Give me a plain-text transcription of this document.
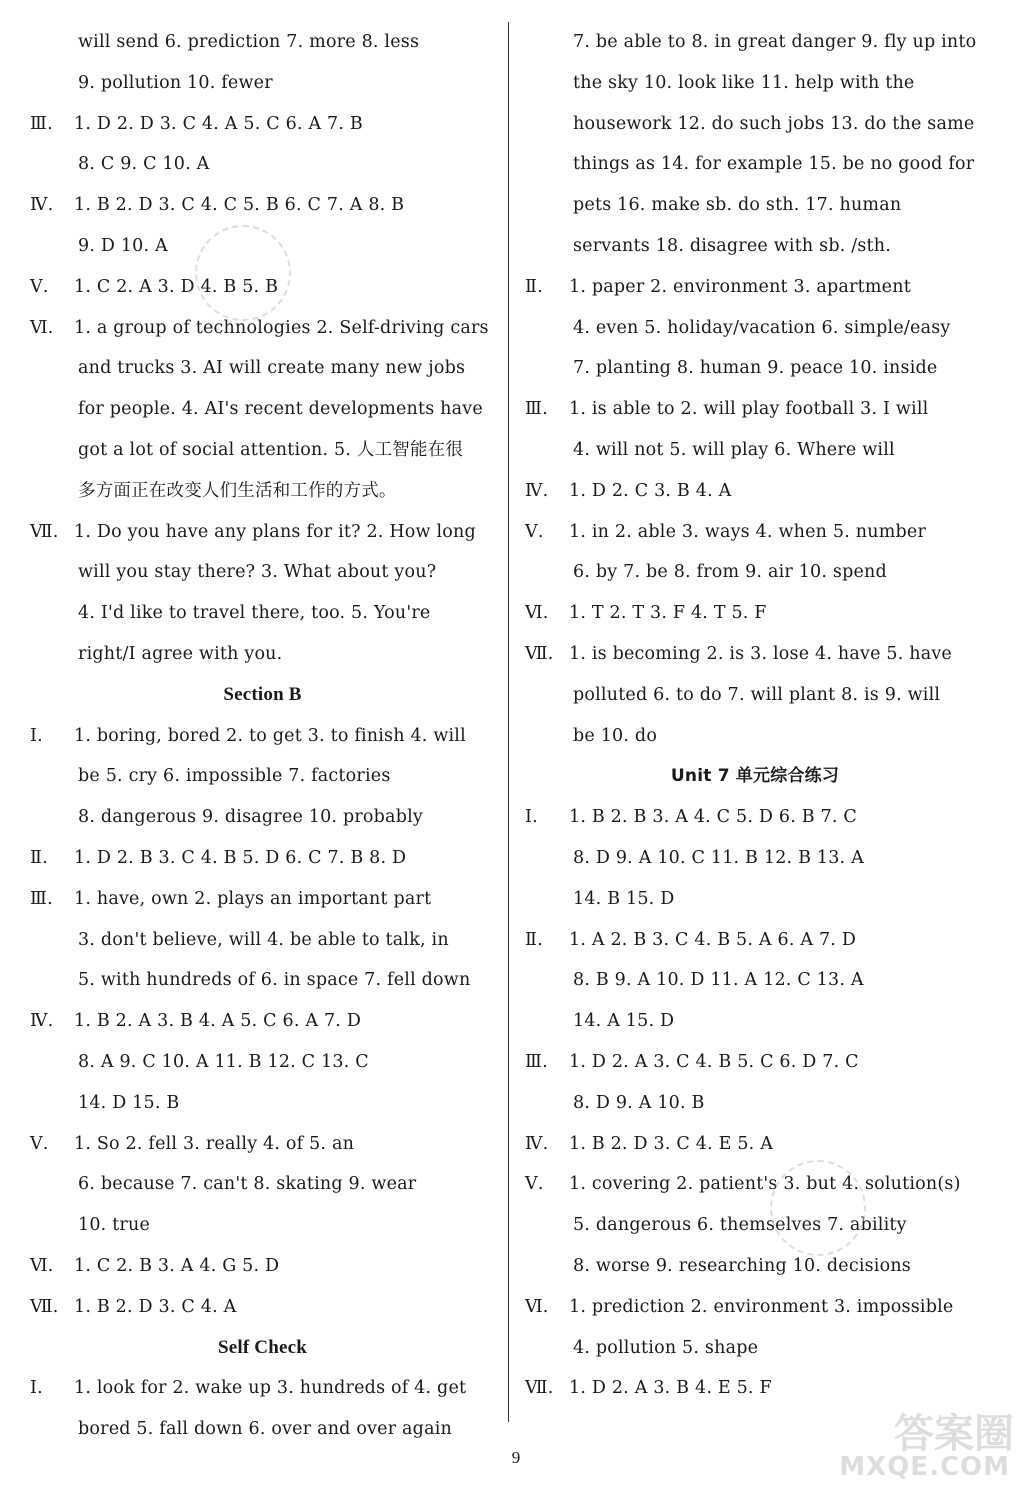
will send 6. prediction 7. more 8. less
9. pollution 10. fewer
Ⅲ. 1. D 2. D 3. C 4. A 5. C 6. A 7. B
8. C 9. C 10. A
Ⅳ. 1. B 2. D 3. C 4. C 5. B 6. C 7. A 8. B
9. D 10. A
Ⅴ. 1. C 2. A 3. D 4. B 5. B
Ⅵ. 1. a group of technologies 2. Self-driving cars
and trucks 3. AI will create many new jobs
for people. 4. AI's recent developments have
got a lot of social attention. 5. 人工智能在很
多方面正在改变人们生活和工作的方式。
Ⅶ. 1. Do you have any plans for it? 2. How long
will you stay there? 3. What about you?
4. I'd like to travel there, too. 5. You're
right/I agree with you.
Section B
Ⅰ. 1. boring, bored 2. to get 3. to finish 4. will
be 5. cry 6. impossible 7. factories
8. dangerous 9. disagree 10. probably
Ⅱ. 1. D 2. B 3. C 4. B 5. D 6. C 7. B 8. D
Ⅲ. 1. have, own 2. plays an important part
3. don't believe, will 4. be able to talk, in
5. with hundreds of 6. in space 7. fell down
Ⅳ. 1. B 2. A 3. B 4. A 5. C 6. A 7. D
8. A 9. C 10. A 11. B 12. C 13. C
14. D 15. B
Ⅴ. 1. So 2. fell 3. really 4. of 5. an
6. because 7. can't 8. skating 9. wear
10. true
Ⅵ. 1. C 2. B 3. A 4. G 5. D
Ⅶ. 1. B 2. D 3. C 4. A
Self Check
Ⅰ. 1. look for 2. wake up 3. hundreds of 4. get
bored 5. fall down 6. over and over again
7. be able to 8. in great danger 9. fly up into
the sky 10. look like 11. help with the
housework 12. do such jobs 13. do the same
things as 14. for example 15. be no good for
pets 16. make sb. do sth. 17. human
servants 18. disagree with sb. /sth.
Ⅱ. 1. paper 2. environment 3. apartment
4. even 5. holiday/vacation 6. simple/easy
7. planting 8. human 9. peace 10. inside
Ⅲ. 1. is able to 2. will play football 3. I will
4. will not 5. will play 6. Where will
Ⅳ. 1. D 2. C 3. B 4. A
Ⅴ. 1. in 2. able 3. ways 4. when 5. number
6. by 7. be 8. from 9. air 10. spend
Ⅵ. 1. T 2. T 3. F 4. T 5. F
Ⅶ. 1. is becoming 2. is 3. lose 4. have 5. have
polluted 6. to do 7. will plant 8. is 9. will
be 10. do
Unit 7 单元综合练习
Ⅰ. 1. B 2. B 3. A 4. C 5. D 6. B 7. C
8. D 9. A 10. C 11. B 12. B 13. A
14. B 15. D
Ⅱ. 1. A 2. B 3. C 4. B 5. A 6. A 7. D
8. B 9. A 10. D 11. A 12. C 13. A
14. A 15. D
Ⅲ. 1. D 2. A 3. C 4. B 5. C 6. D 7. C
8. D 9. A 10. B
Ⅳ. 1. B 2. D 3. C 4. E 5. A
Ⅴ. 1. covering 2. patient's 3. but 4. solution(s)
5. dangerous 6. themselves 7. ability
8. worse 9. researching 10. decisions
Ⅵ. 1. prediction 2. environment 3. impossible
4. pollution 5. shape
Ⅶ. 1. D 2. A 3. B 4. E 5. F
9
答案圈
MXQE.COM
